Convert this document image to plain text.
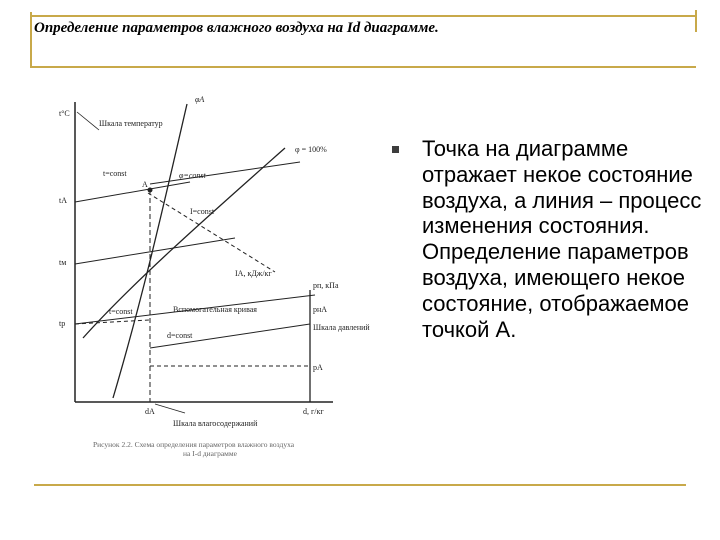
Определение параметров влажного воздуха на Id диаграмме.
t°C
Шкала температур
φА
tА
tм
tр
t=const	φ=const
А
φ = 100%
I=const
IA, кДж/кг
pп, кПа
pнА
Шкала давлений
pА
t=const	Вспомогательная кривая
d=const
dА	d, г/кг
Шкала влагосодержаний
Рисунок 2.2. Схема определения параметров влажного воздуха
на I-d диаграмме
Точка на диаграмме отражает некое состояние воздуха, а линия – процесс изменения состояния. Определение параметров воздуха, имеющего некое состояние, отображаемое точкой А.
